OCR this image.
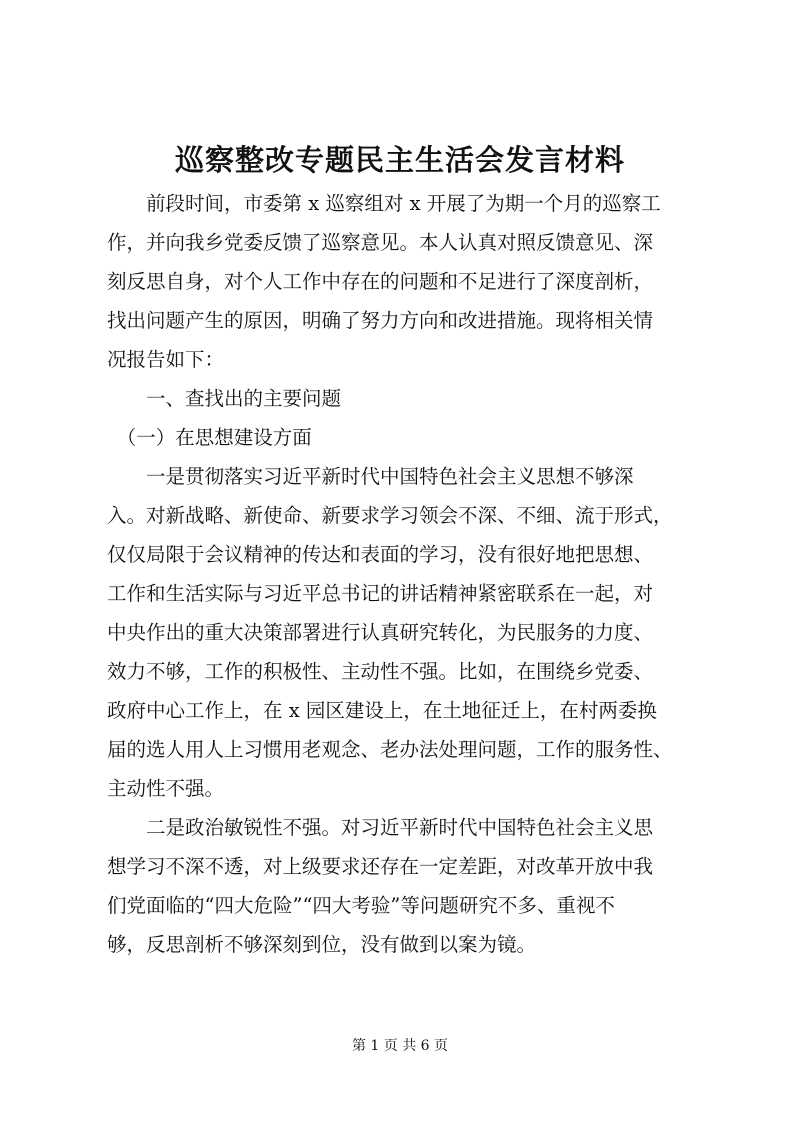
巡察整改专题民主生活会发言材料
　　前段时间，市委第 x 巡察组对 x 开展了为期一个月的巡察工
作，并向我乡党委反馈了巡察意见。本人认真对照反馈意见、深
刻反思自身，对个人工作中存在的问题和不足进行了深度剖析，
找出问题产生的原因，明确了努力方向和改进措施。现将相关情
况报告如下：
　　一、查找出的主要问题
　（一）在思想建设方面
　　一是贯彻落实习近平新时代中国特色社会主义思想不够深
入。对新战略、新使命、新要求学习领会不深、不细、流于形式，
仅仅局限于会议精神的传达和表面的学习，没有很好地把思想、
工作和生活实际与习近平总书记的讲话精神紧密联系在一起，对
中央作出的重大决策部署进行认真研究转化，为民服务的力度、
效力不够，工作的积极性、主动性不强。比如，在围绕乡党委、
政府中心工作上，在 x 园区建设上，在土地征迁上，在村两委换
届的选人用人上习惯用老观念、老办法处理问题，工作的服务性、
主动性不强。
　　二是政治敏锐性不强。对习近平新时代中国特色社会主义思
想学习不深不透，对上级要求还存在一定差距，对改革开放中我
们党面临的“四大危险”“四大考验”等问题研究不多、重视不
够，反思剖析不够深刻到位，没有做到以案为镜。
第 1 页 共 6 页
